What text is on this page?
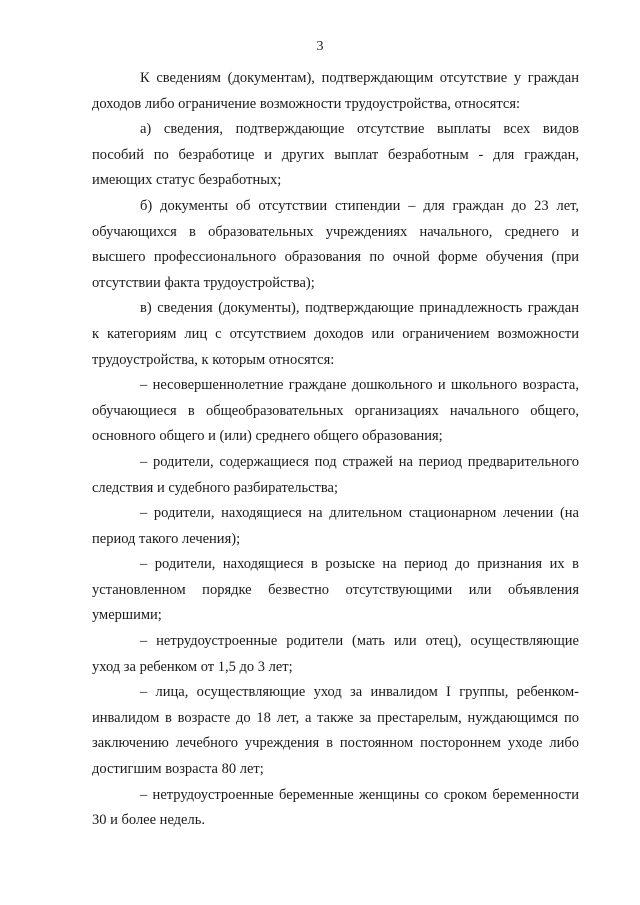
3

К сведениям (документам), подтверждающим отсутствие у граждан доходов либо ограничение возможности трудоустройства, относятся:

а) сведения, подтверждающие отсутствие выплаты всех видов пособий по безработице и других выплат безработным - для граждан, имеющих статус безработных;

б) документы об отсутствии стипендии – для граждан до 23 лет, обучающихся в образовательных учреждениях начального, среднего и высшего профессионального образования по очной форме обучения (при отсутствии факта трудоустройства);

в) сведения (документы), подтверждающие принадлежность граждан к категориям лиц с отсутствием доходов или ограничением возможности трудоустройства, к которым относятся:

– несовершеннолетние граждане дошкольного и школьного возраста, обучающиеся в общеобразовательных организациях начального общего, основного общего и (или) среднего общего образования;

– родители, содержащиеся под стражей на период предварительного следствия и судебного разбирательства;

– родители, находящиеся на длительном стационарном лечении (на период такого лечения);

– родители, находящиеся в розыске на период до признания их в установленном порядке безвестно отсутствующими или объявления умершими;

– нетрудоустроенные родители (мать или отец), осуществляющие уход за ребенком от 1,5 до 3 лет;

– лица, осуществляющие уход за инвалидом I группы, ребенком-инвалидом в возрасте до 18 лет, а также за престарелым, нуждающимся по заключению лечебного учреждения в постоянном постороннем уходе либо достигшим возраста 80 лет;

– нетрудоустроенные беременные женщины со сроком беременности 30 и более недель.
